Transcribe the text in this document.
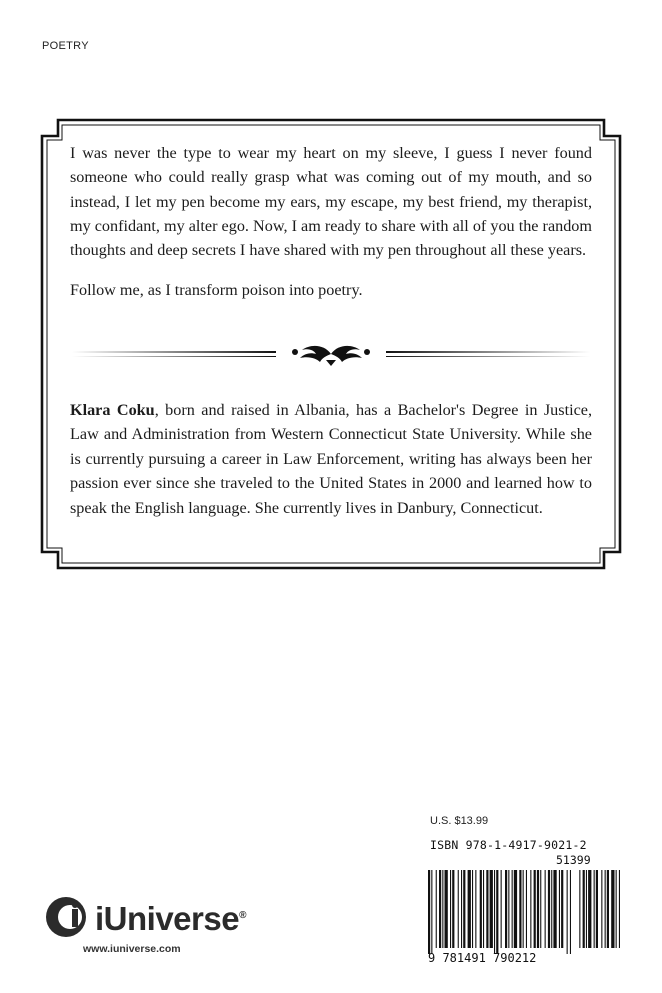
POETRY

I was never the type to wear my heart on my sleeve, I guess I never found someone who could really grasp what was coming out of my mouth, and so instead, I let my pen become my ears, my escape, my best friend, my therapist, my confidant, my alter ego. Now, I am ready to share with all of you the random thoughts and deep secrets I have shared with my pen throughout all these years.

Follow me, as I transform poison into poetry.

Klara Coku, born and raised in Albania, has a Bachelor's Degree in Justice, Law and Administration from Western Connecticut State University. While she is currently pursuing a career in Law Enforcement, writing has always been her passion ever since she traveled to the United States in 2000 and learned how to speak the English language. She currently lives in Danbury, Connecticut.

U.S. $13.99
ISBN 978-1-4917-9021-2
51399
9 781491 790212
iUniverse®
www.iuniverse.com
